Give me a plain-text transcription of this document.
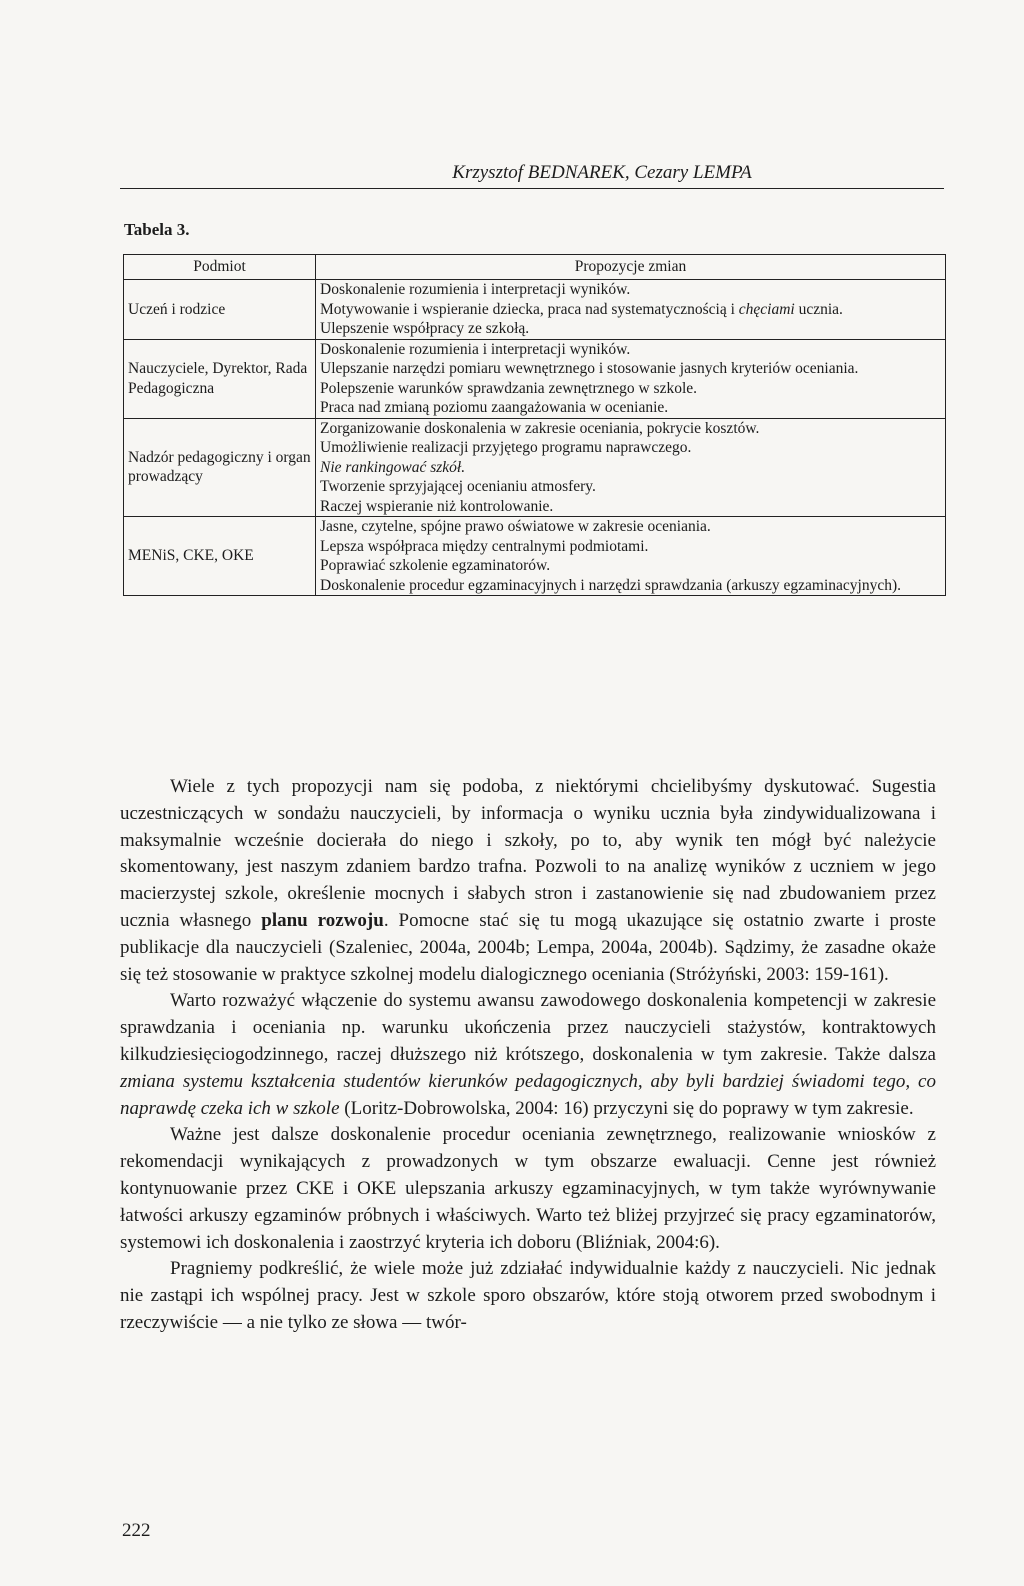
Krzysztof BEDNAREK, Cezary LEMPA
Tabela 3.
Podmiot	Propozycje zmian
Uczeń i rodzice	Doskonalenie rozumienia i interpretacji wyników.
Motywowanie i wspieranie dziecka, praca nad systematycznością i chęciami ucznia.
Ulepszenie współpracy ze szkołą.

Nauczyciele, Dyrektor, Rada Pedagogiczna	Doskonalenie rozumienia i interpretacji wyników.
Ulepszanie narzędzi pomiaru wewnętrznego i stosowanie jasnych kryteriów oceniania.
Polepszenie warunków sprawdzania zewnętrznego w szkole.
Praca nad zmianą poziomu zaangażowania w ocenianie.

Nadzór pedagogiczny i organ prowadzący	Zorganizowanie doskonalenia w zakresie oceniania, pokrycie kosztów.
Umożliwienie realizacji przyjętego programu naprawczego.
Nie rankingować szkół.
Tworzenie sprzyjającej ocenianiu atmosfery.
Raczej wspieranie niż kontrolowanie.

MENiS, CKE, OKE	Jasne, czytelne, spójne prawo oświatowe w zakresie oceniania.
Lepsza współpraca między centralnymi podmiotami.
Poprawiać szkolenie egzaminatorów.
Doskonalenie procedur egzaminacyjnych i narzędzi sprawdzania (arkuszy egzaminacyjnych).

Wiele z tych propozycji nam się podoba, z niektórymi chcielibyśmy dyskutować. Sugestia uczestniczących w sondażu nauczycieli, by informacja o wyniku ucznia była zindywidualizowana i maksymalnie wcześnie docierała do niego i szkoły, po to, aby wynik ten mógł być należycie skomentowany, jest naszym zdaniem bardzo trafna. Pozwoli to na analizę wyników z uczniem w jego macierzystej szkole, określenie mocnych i słabych stron i zastanowienie się nad zbudowaniem przez ucznia własnego planu rozwoju. Pomocne stać się tu mogą ukazujące się ostatnio zwarte i proste publikacje dla nauczycieli (Szaleniec, 2004a, 2004b; Lempa, 2004a, 2004b). Sądzimy, że zasadne okaże się też stosowanie w praktyce szkolnej modelu dialogicznego oceniania (Stróżyński, 2003: 159-161).

Warto rozważyć włączenie do systemu awansu zawodowego doskonalenia kompetencji w zakresie sprawdzania i oceniania np. warunku ukończenia przez nauczycieli stażystów, kontraktowych kilkudziesięciogodzinnego, raczej dłuższego niż krótszego, doskonalenia w tym zakresie. Także dalsza zmiana systemu kształcenia studentów kierunków pedagogicznych, aby byli bardziej świadomi tego, co naprawdę czeka ich w szkole (Loritz-Dobrowolska, 2004: 16) przyczyni się do poprawy w tym zakresie.

Ważne jest dalsze doskonalenie procedur oceniania zewnętrznego, realizowanie wniosków z rekomendacji wynikających z prowadzonych w tym obszarze ewaluacji. Cenne jest również kontynuowanie przez CKE i OKE ulepszania arkuszy egzaminacyjnych, w tym także wyrównywanie łatwości arkuszy egzaminów próbnych i właściwych. Warto też bliżej przyjrzeć się pracy egzaminatorów, systemowi ich doskonalenia i zaostrzyć kryteria ich doboru (Bliźniak, 2004:6).

Pragniemy podkreślić, że wiele może już zdziałać indywidualnie każdy z nauczycieli. Nic jednak nie zastąpi ich wspólnej pracy. Jest w szkole sporo obszarów, które stoją otworem przed swobodnym i rzeczywiście — a nie tylko ze słowa — twór-

222
